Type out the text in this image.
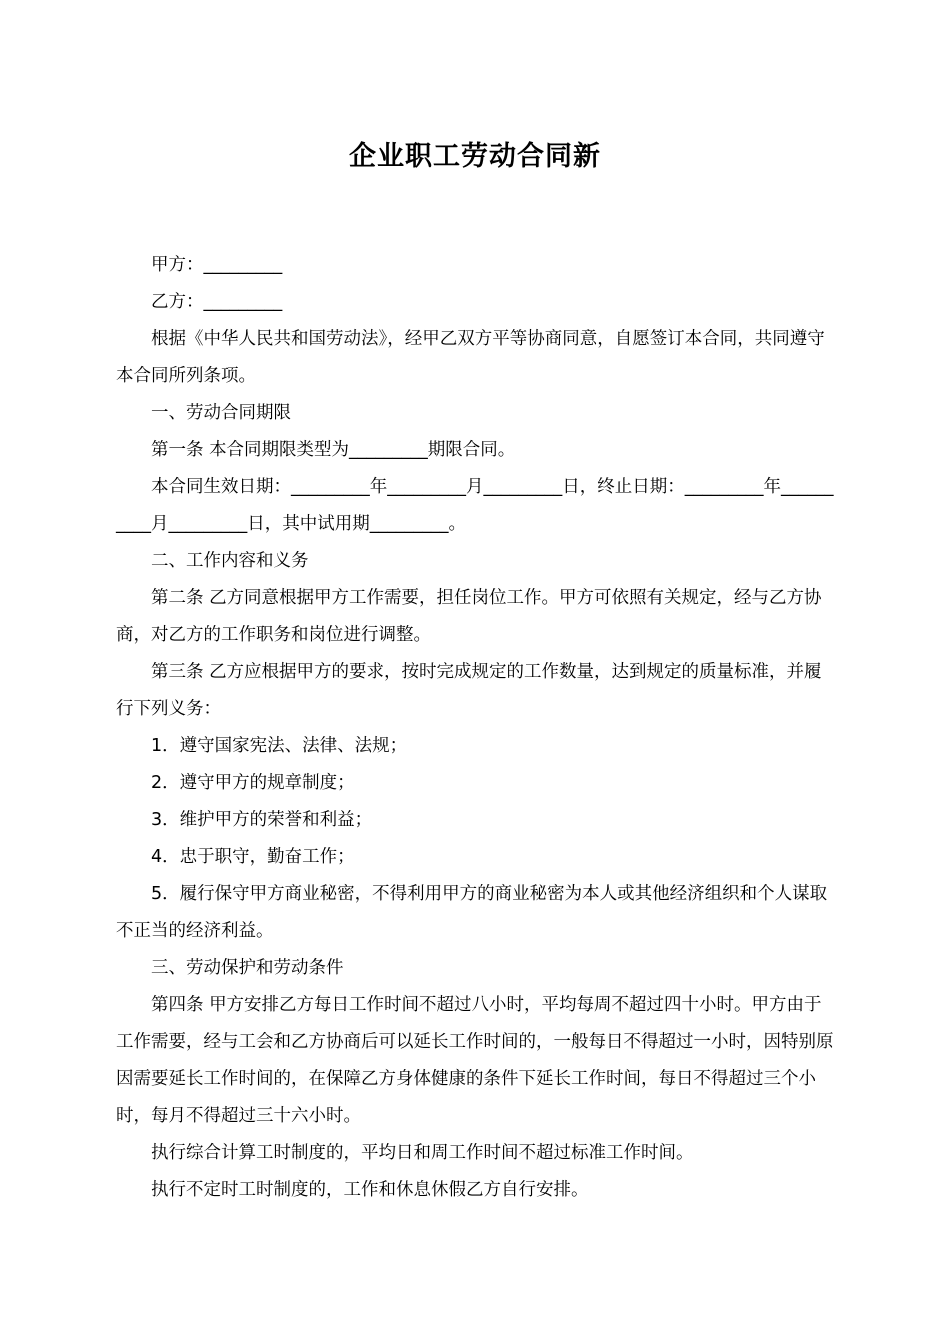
企业职工劳动合同新

甲方：_________

乙方：_________

根据《中华人民共和国劳动法》，经甲乙双方平等协商同意，自愿签订本合同，共同遵守本合同所列条项。

一、劳动合同期限

第一条 本合同期限类型为_________期限合同。

本合同生效日期：_________年_________月_________日，终止日期：_________年__________月_________日，其中试用期_________。

二、工作内容和义务

第二条 乙方同意根据甲方工作需要，担任岗位工作。甲方可依照有关规定，经与乙方协商，对乙方的工作职务和岗位进行调整。

第三条 乙方应根据甲方的要求，按时完成规定的工作数量，达到规定的质量标准，并履行下列义务：

1．遵守国家宪法、法律、法规；

2．遵守甲方的规章制度；

3．维护甲方的荣誉和利益；

4．忠于职守，勤奋工作；

5．履行保守甲方商业秘密，不得利用甲方的商业秘密为本人或其他经济组织和个人谋取不正当的经济利益。

三、劳动保护和劳动条件

第四条 甲方安排乙方每日工作时间不超过八小时，平均每周不超过四十小时。甲方由于工作需要，经与工会和乙方协商后可以延长工作时间的，一般每日不得超过一小时，因特别原因需要延长工作时间的，在保障乙方身体健康的条件下延长工作时间，每日不得超过三个小时，每月不得超过三十六小时。

执行综合计算工时制度的，平均日和周工作时间不超过标准工作时间。

执行不定时工时制度的，工作和休息休假乙方自行安排。
